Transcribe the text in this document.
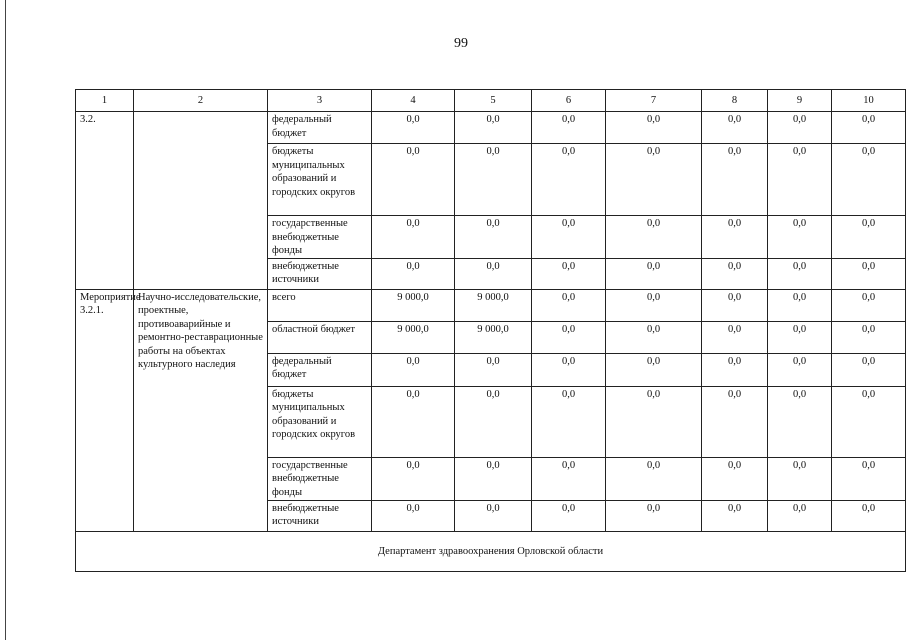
99
1	2	3	4	5	6	7	8	9	10
3.2.		федеральный бюджет	0,0	0,0	0,0	0,0	0,0	0,0	0,0
		бюджеты муниципальных образований и городских округов	0,0	0,0	0,0	0,0	0,0	0,0	0,0
		государственные внебюджетные фонды	0,0	0,0	0,0	0,0	0,0	0,0	0,0
		внебюджетные источники	0,0	0,0	0,0	0,0	0,0	0,0	0,0
Мероприятие 3.2.1.	Научно-исследовательские, проектные, противоаварийные и ремонтно-реставрационные работы на объектах культурного наследия	всего	9 000,0	9 000,0	0,0	0,0	0,0	0,0	0,0
		областной бюджет	9 000,0	9 000,0	0,0	0,0	0,0	0,0	0,0
		федеральный бюджет	0,0	0,0	0,0	0,0	0,0	0,0	0,0
		бюджеты муниципальных образований и городских округов	0,0	0,0	0,0	0,0	0,0	0,0	0,0
		государственные внебюджетные фонды	0,0	0,0	0,0	0,0	0,0	0,0	0,0
		внебюджетные источники	0,0	0,0	0,0	0,0	0,0	0,0	0,0
Департамент здравоохранения Орловской области									
